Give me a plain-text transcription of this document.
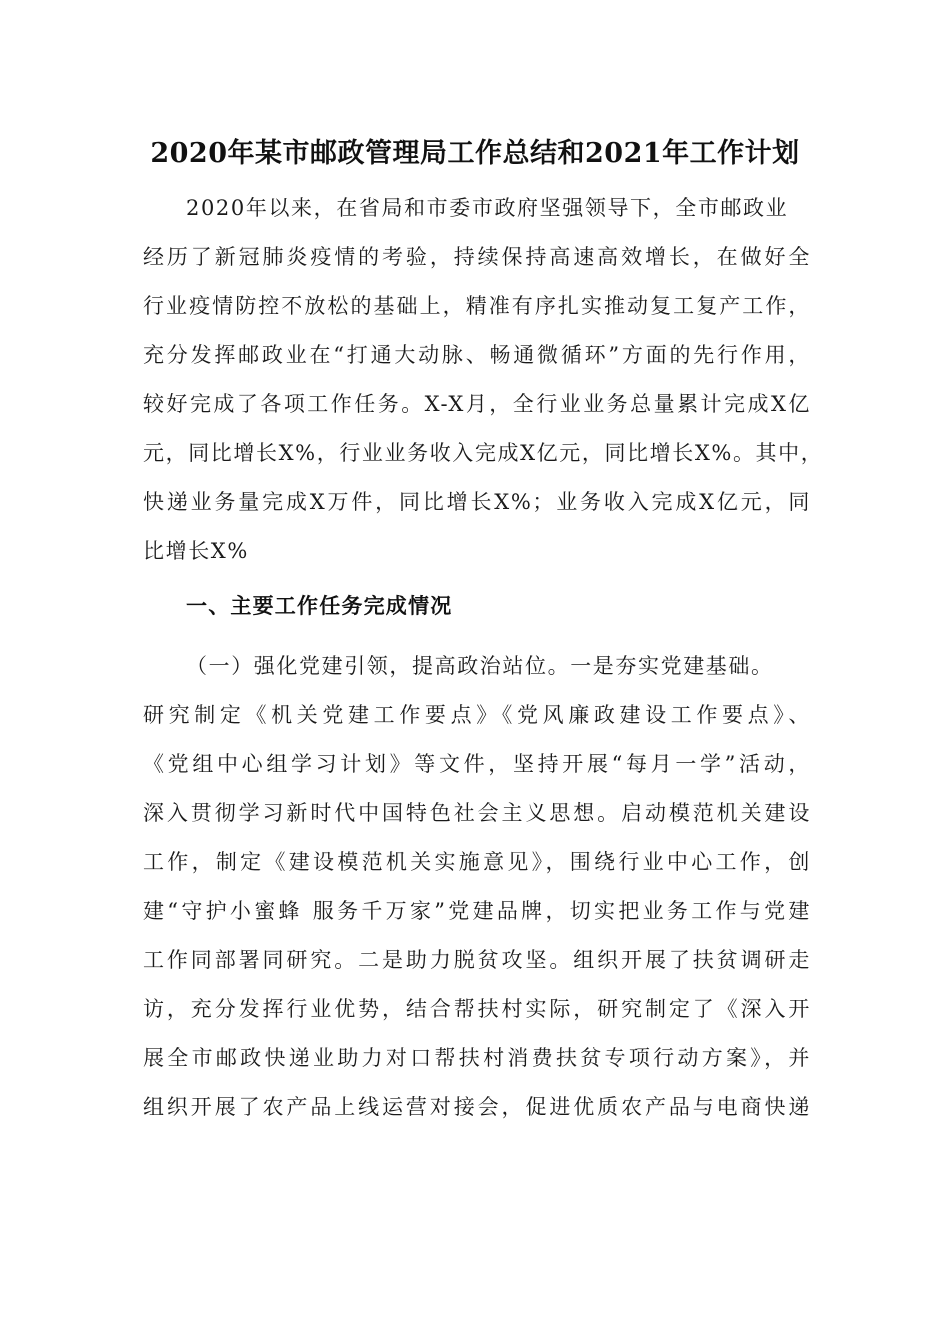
2020年某市邮政管理局工作总结和2021年工作计划
2020年以来，在省局和市委市政府坚强领导下，全市邮政业
经历了新冠肺炎疫情的考验，持续保持高速高效增长，在做好全
行业疫情防控不放松的基础上，精准有序扎实推动复工复产工作，
充分发挥邮政业在“打通大动脉、畅通微循环”方面的先行作用，
较好完成了各项工作任务。X-X月，全行业业务总量累计完成X亿
元，同比增长X%，行业业务收入完成X亿元，同比增长X%。其中，
快递业务量完成X万件，同比增长X%；业务收入完成X亿元，同
比增长X%
一、主要工作任务完成情况
（一）强化党建引领，提高政治站位。一是夯实党建基础。
研究制定《机关党建工作要点》《党风廉政建设工作要点》、
《党组中心组学习计划》等文件，坚持开展“每月一学”活动，
深入贯彻学习新时代中国特色社会主义思想。启动模范机关建设
工作，制定《建设模范机关实施意见》，围绕行业中心工作，创
建“守护小蜜蜂 服务千万家”党建品牌，切实把业务工作与党建
工作同部署同研究。二是助力脱贫攻坚。组织开展了扶贫调研走
访，充分发挥行业优势，结合帮扶村实际，研究制定了《深入开
展全市邮政快递业助力对口帮扶村消费扶贫专项行动方案》，并
组织开展了农产品上线运营对接会，促进优质农产品与电商快递
